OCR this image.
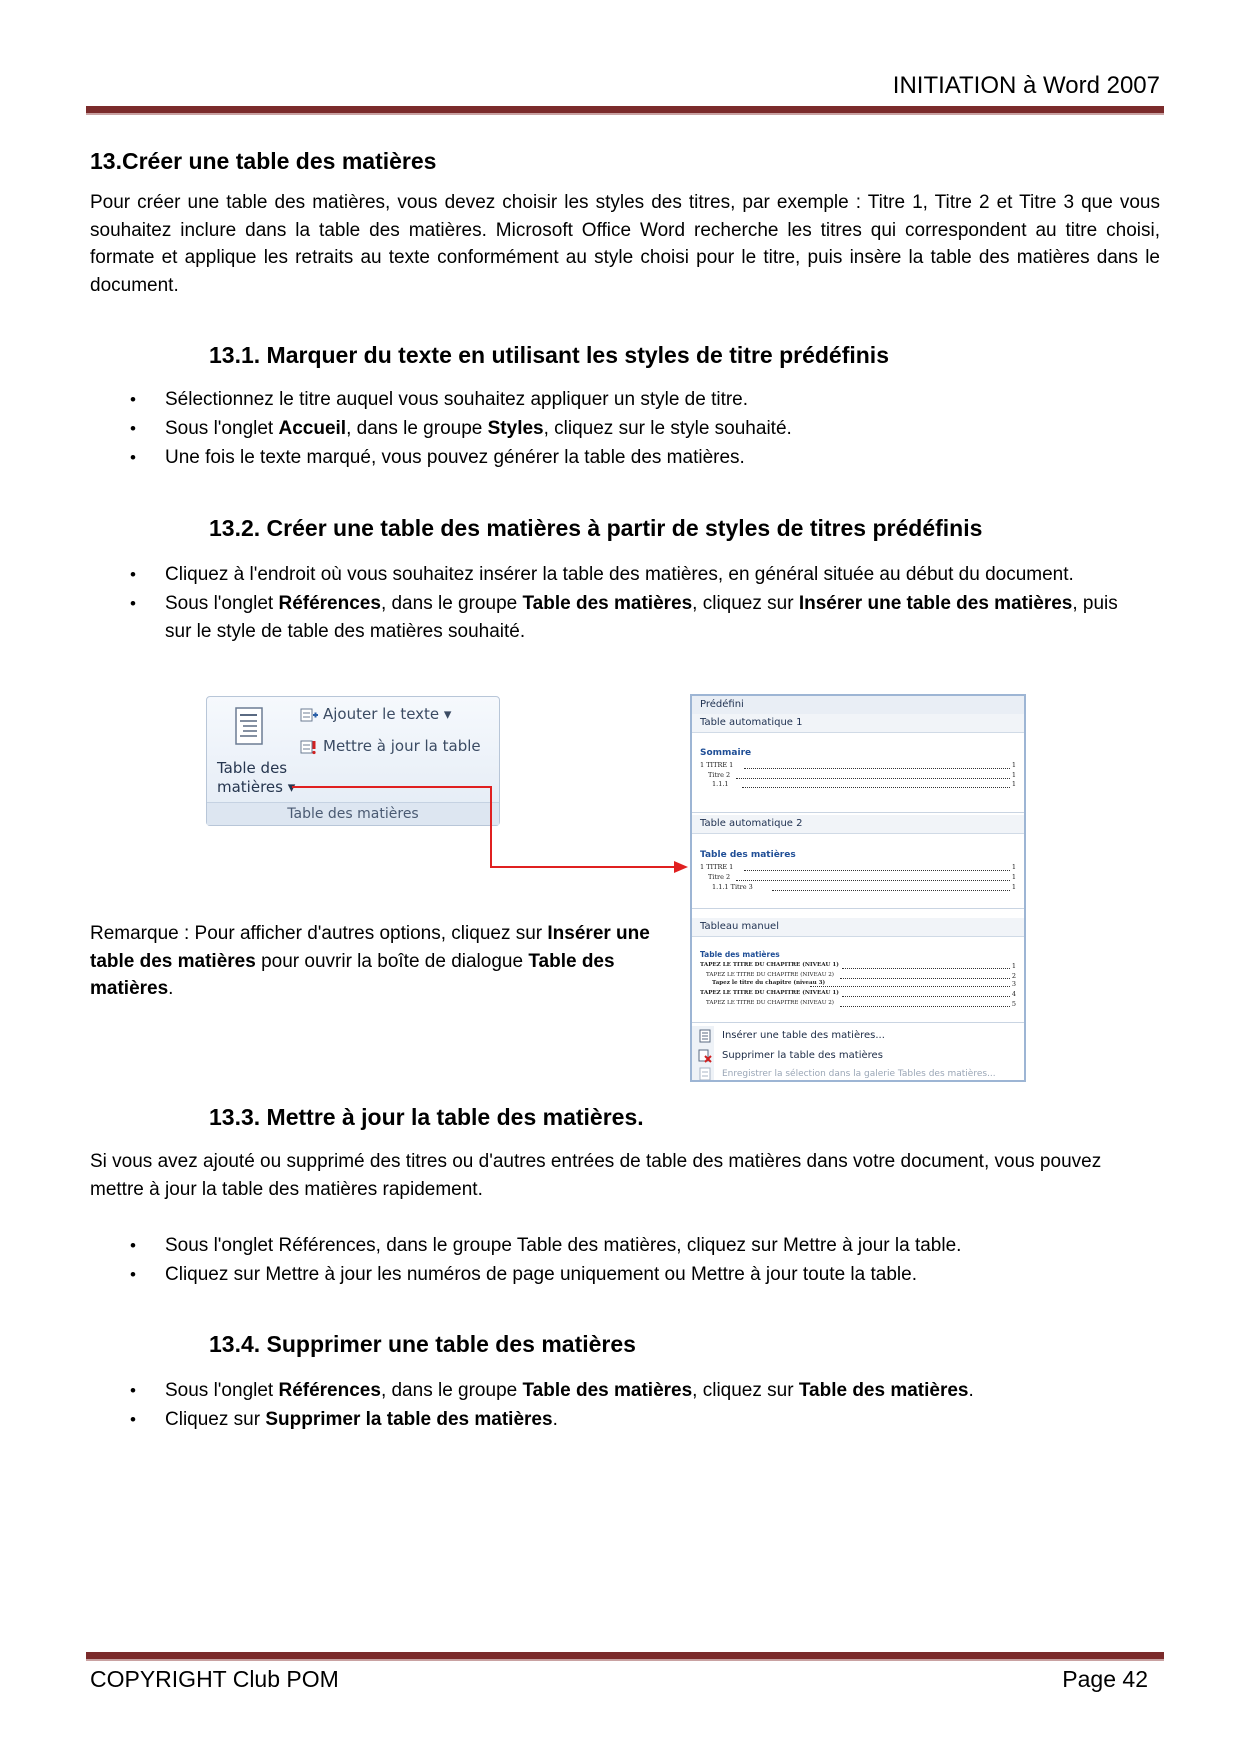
INITIATION à Word 2007
13.Créer une table des matières
Pour créer une table des matières, vous devez choisir les styles des titres, par exemple : Titre 1, Titre 2 et Titre 3 que vous souhaitez inclure dans la table des matières. Microsoft Office Word recherche les titres qui correspondent au titre choisi, formate et applique les retraits au texte conformément au style choisi pour le titre, puis insère la table des matières dans le document.
13.1. Marquer du texte en utilisant les styles de titre prédéfinis
• Sélectionnez le titre auquel vous souhaitez appliquer un style de titre.
• Sous l'onglet Accueil, dans le groupe Styles, cliquez sur le style souhaité.
• Une fois le texte marqué, vous pouvez générer la table des matières.
13.2. Créer une table des matières à partir de styles de titres prédéfinis
• Cliquez à l'endroit où vous souhaitez insérer la table des matières, en général située au début du document.
• Sous l'onglet Références, dans le groupe Table des matières, cliquez sur Insérer une table des matières, puis sur le style de table des matières souhaité.
Table des
matières ▾
Ajouter le texte ▾
Mettre à jour la table
Table des matières
Prédéfini
Table automatique 1
Sommaire
1 TITRE 1	1
Titre 2	1
1.1.1	1
Table automatique 2
Table des matières
1 TITRE 1	1
Titre 2	1
1.1.1 Titre 3	1
Tableau manuel
Table des matières
TAPEZ LE TITRE DU CHAPITRE (NIVEAU 1)	1
TAPEZ LE TITRE DU CHAPITRE (NIVEAU 2)	2
Tapez le titre du chapitre (niveau 3)	3
TAPEZ LE TITRE DU CHAPITRE (NIVEAU 1)	4
TAPEZ LE TITRE DU CHAPITRE (NIVEAU 2)	5
Insérer une table des matières...
Supprimer la table des matières
Enregistrer la sélection dans la galerie Tables des matières...
Remarque : Pour afficher d'autres options, cliquez sur Insérer une table des matières pour ouvrir la boîte de dialogue Table des matières.
13.3. Mettre à jour la table des matières.
Si vous avez ajouté ou supprimé des titres ou d'autres entrées de table des matières dans votre document, vous pouvez mettre à jour la table des matières rapidement.
• Sous l'onglet Références, dans le groupe Table des matières, cliquez sur Mettre à jour la table.
• Cliquez sur Mettre à jour les numéros de page uniquement ou Mettre à jour toute la table.
13.4. Supprimer une table des matières
• Sous l'onglet Références, dans le groupe Table des matières, cliquez sur Table des matières.
• Cliquez sur Supprimer la table des matières.
COPYRIGHT Club POM	Page 42
